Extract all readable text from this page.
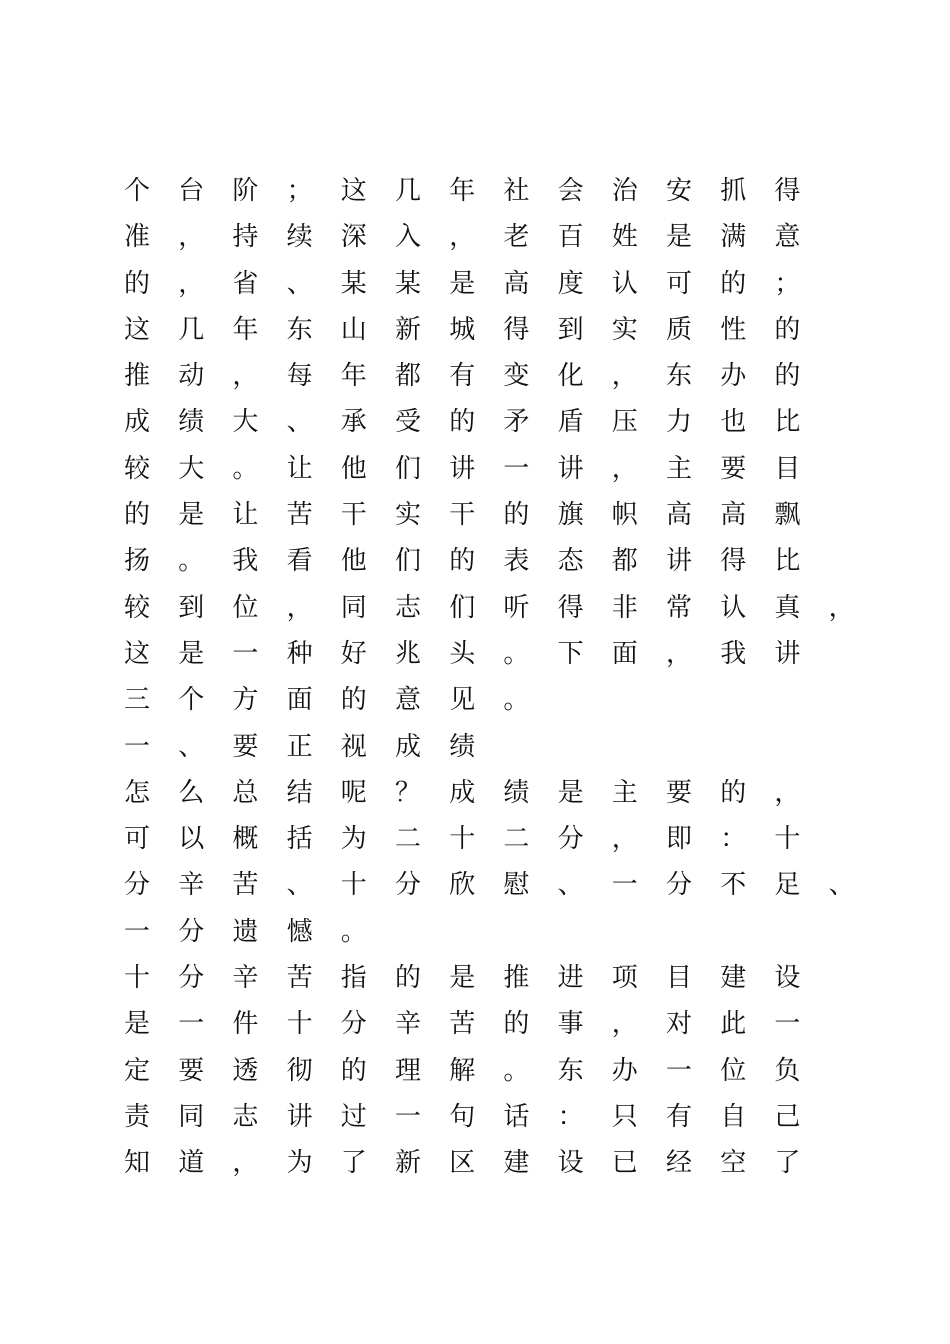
个台阶；这几年社会治安抓得
准，持续深入，老百姓是满意
的，省、某某是高度认可的；
这几年东山新城得到实质性的
推动，每年都有变化，东办的
成绩大、承受的矛盾压力也比
较大。让他们讲一讲，主要目
的是让苦干实干的旗帜高高飘
扬。我看他们的表态都讲得比
较到位，同志们听得非常认真，
这是一种好兆头。下面，我讲
三个方面的意见。
一、要正视成绩
怎么总结呢？成绩是主要的，
可以概括为二十二分，即：十
分辛苦、十分欣慰、一分不足、
一分遗憾。
十分辛苦指的是推进项目建设
是一件十分辛苦的事，对此一
定要透彻的理解。东办一位负
责同志讲过一句话：只有自己
知道，为了新区建设已经空了
